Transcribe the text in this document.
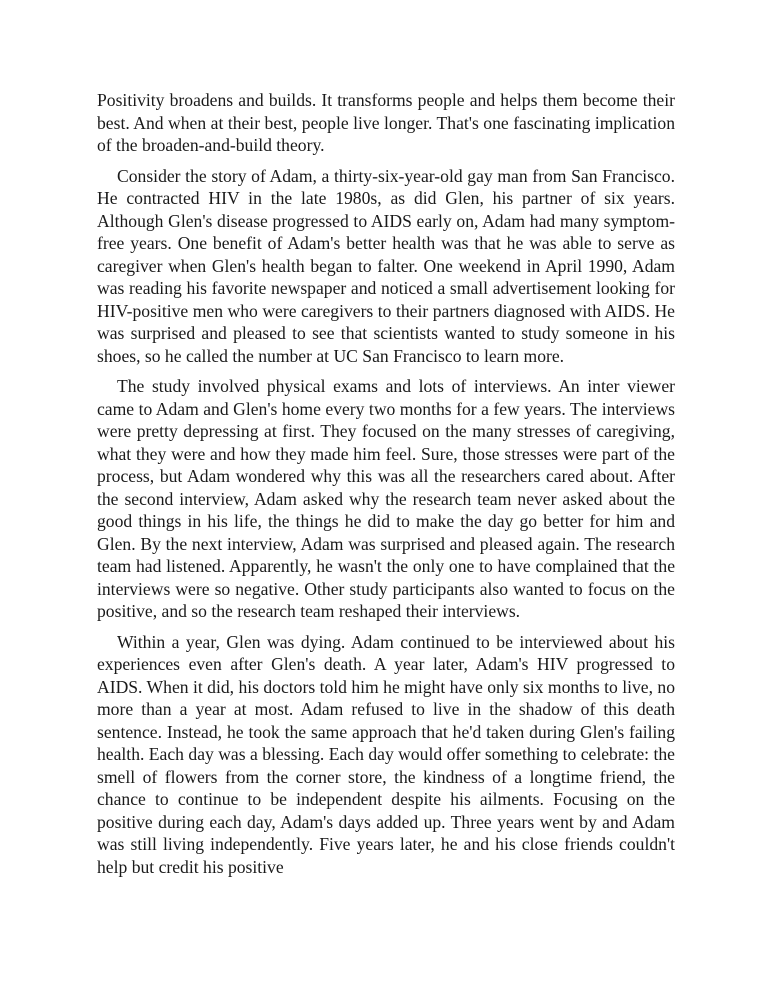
Positivity broadens and builds. It transforms people and helps them become their best. And when at their best, people live longer. That's one fascinating implication of the broaden-and-build theory.

Consider the story of Adam, a thirty-six-year-old gay man from San Francisco. He contracted HIV in the late 1980s, as did Glen, his partner of six years. Although Glen's disease progressed to AIDS early on, Adam had many symptom-free years. One benefit of Adam's better health was that he was able to serve as caregiver when Glen's health began to falter. One weekend in April 1990, Adam was reading his favorite newspaper and noticed a small advertisement looking for HIV-positive men who were caregivers to their partners diagnosed with AIDS. He was surprised and pleased to see that scientists wanted to study someone in his shoes, so he called the number at UC San Francisco to learn more.

The study involved physical exams and lots of interviews. An inter viewer came to Adam and Glen's home every two months for a few years. The interviews were pretty depressing at first. They focused on the many stresses of caregiving, what they were and how they made him feel. Sure, those stresses were part of the process, but Adam wondered why this was all the researchers cared about. After the second interview, Adam asked why the research team never asked about the good things in his life, the things he did to make the day go better for him and Glen. By the next interview, Adam was surprised and pleased again. The research team had listened. Apparently, he wasn't the only one to have complained that the interviews were so negative. Other study participants also wanted to focus on the positive, and so the research team reshaped their interviews.

Within a year, Glen was dying. Adam continued to be interviewed about his experiences even after Glen's death. A year later, Adam's HIV progressed to AIDS. When it did, his doctors told him he might have only six months to live, no more than a year at most. Adam refused to live in the shadow of this death sentence. Instead, he took the same approach that he'd taken during Glen's failing health. Each day was a blessing. Each day would offer something to celebrate: the smell of flowers from the corner store, the kindness of a longtime friend, the chance to continue to be independent despite his ailments. Focusing on the positive during each day, Adam's days added up. Three years went by and Adam was still living independently. Five years later, he and his close friends couldn't help but credit his positive
